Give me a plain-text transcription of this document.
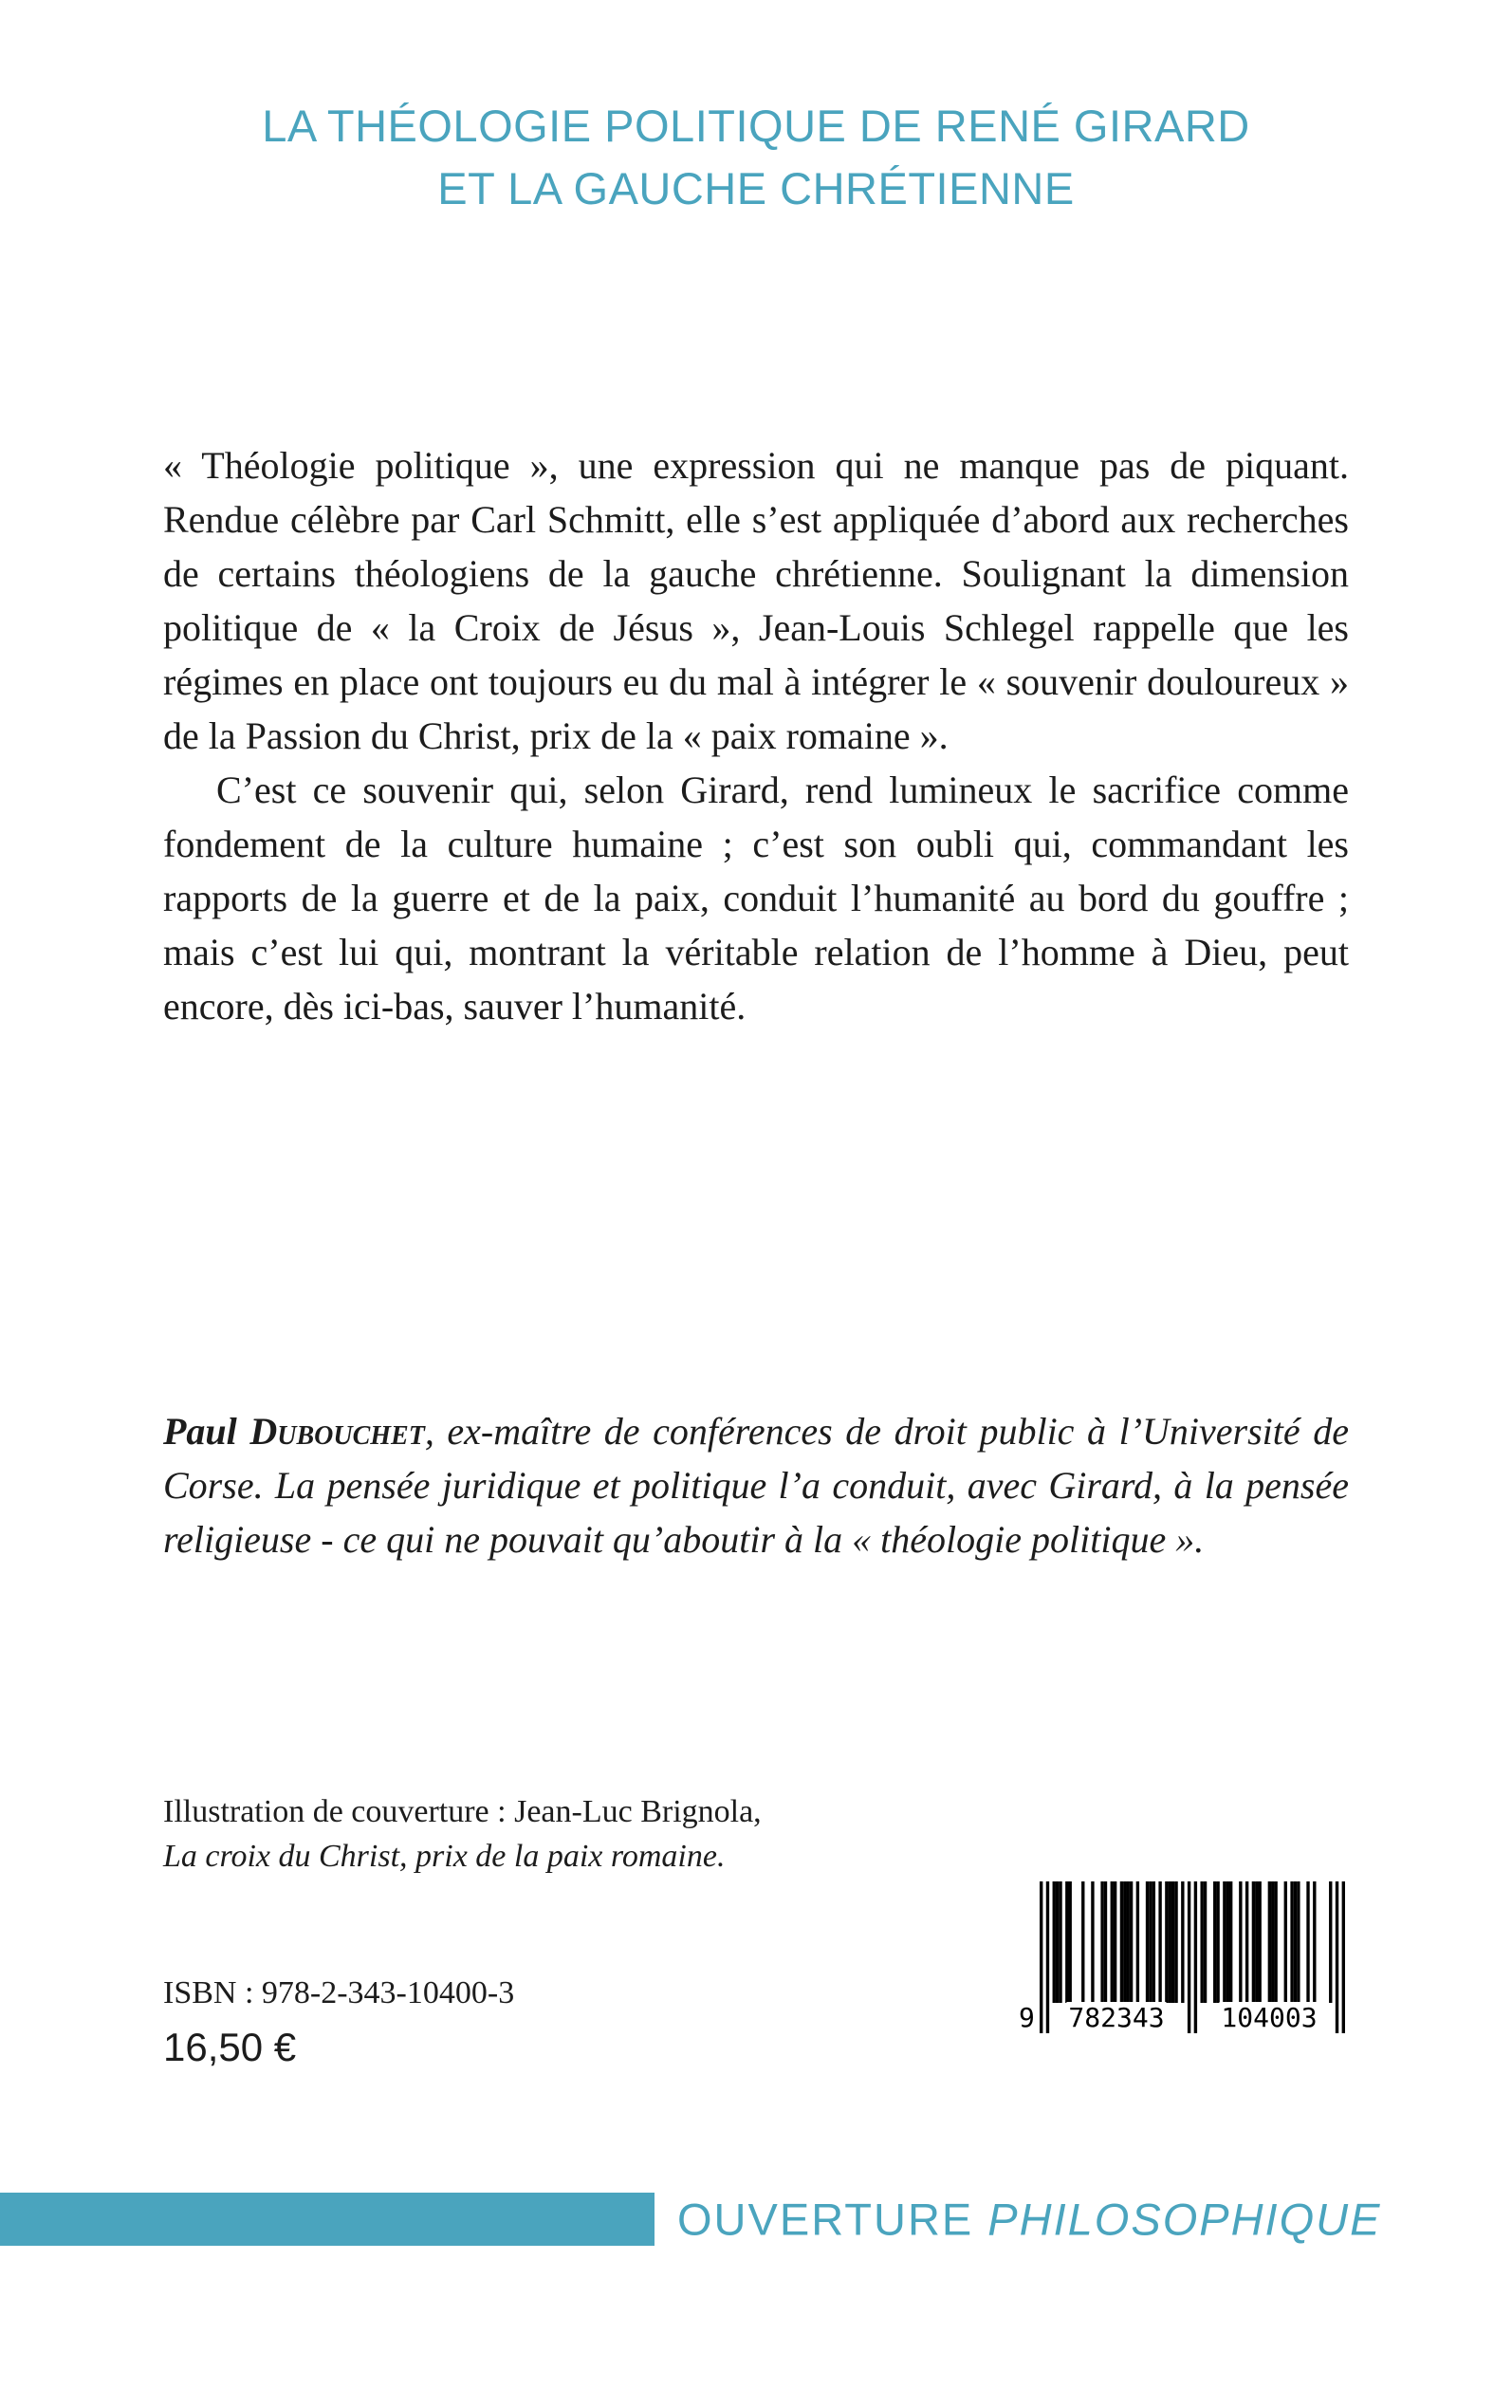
LA THÉOLOGIE POLITIQUE DE RENÉ GIRARD
ET LA GAUCHE CHRÉTIENNE

« Théologie politique », une expression qui ne manque pas de piquant. Rendue célèbre par Carl Schmitt, elle s’est appliquée d’abord aux recherches de certains théologiens de la gauche chrétienne. Soulignant la dimension politique de « la Croix de Jésus », Jean-Louis Schlegel rappelle que les régimes en place ont toujours eu du mal à intégrer le « souvenir douloureux » de la Passion du Christ, prix de la « paix romaine ».

C’est ce souvenir qui, selon Girard, rend lumineux le sacrifice comme fondement de la culture humaine ; c’est son oubli qui, commandant les rapports de la guerre et de la paix, conduit l’humanité au bord du gouffre ; mais c’est lui qui, montrant la véritable relation de l’homme à Dieu, peut encore, dès ici-bas, sauver l’humanité.

Paul Dubouchet, ex-maître de conférences de droit public à l’Université de Corse. La pensée juridique et politique l’a conduit, avec Girard, à la pensée religieuse - ce qui ne pouvait qu’aboutir à la « théologie politique ».

Illustration de couverture : Jean-Luc Brignola,
La croix du Christ, prix de la paix romaine.
ISBN : 978-2-343-10400-3
16,50 €
9 782343 104003
OUVERTURE PHILOSOPHIQUE
